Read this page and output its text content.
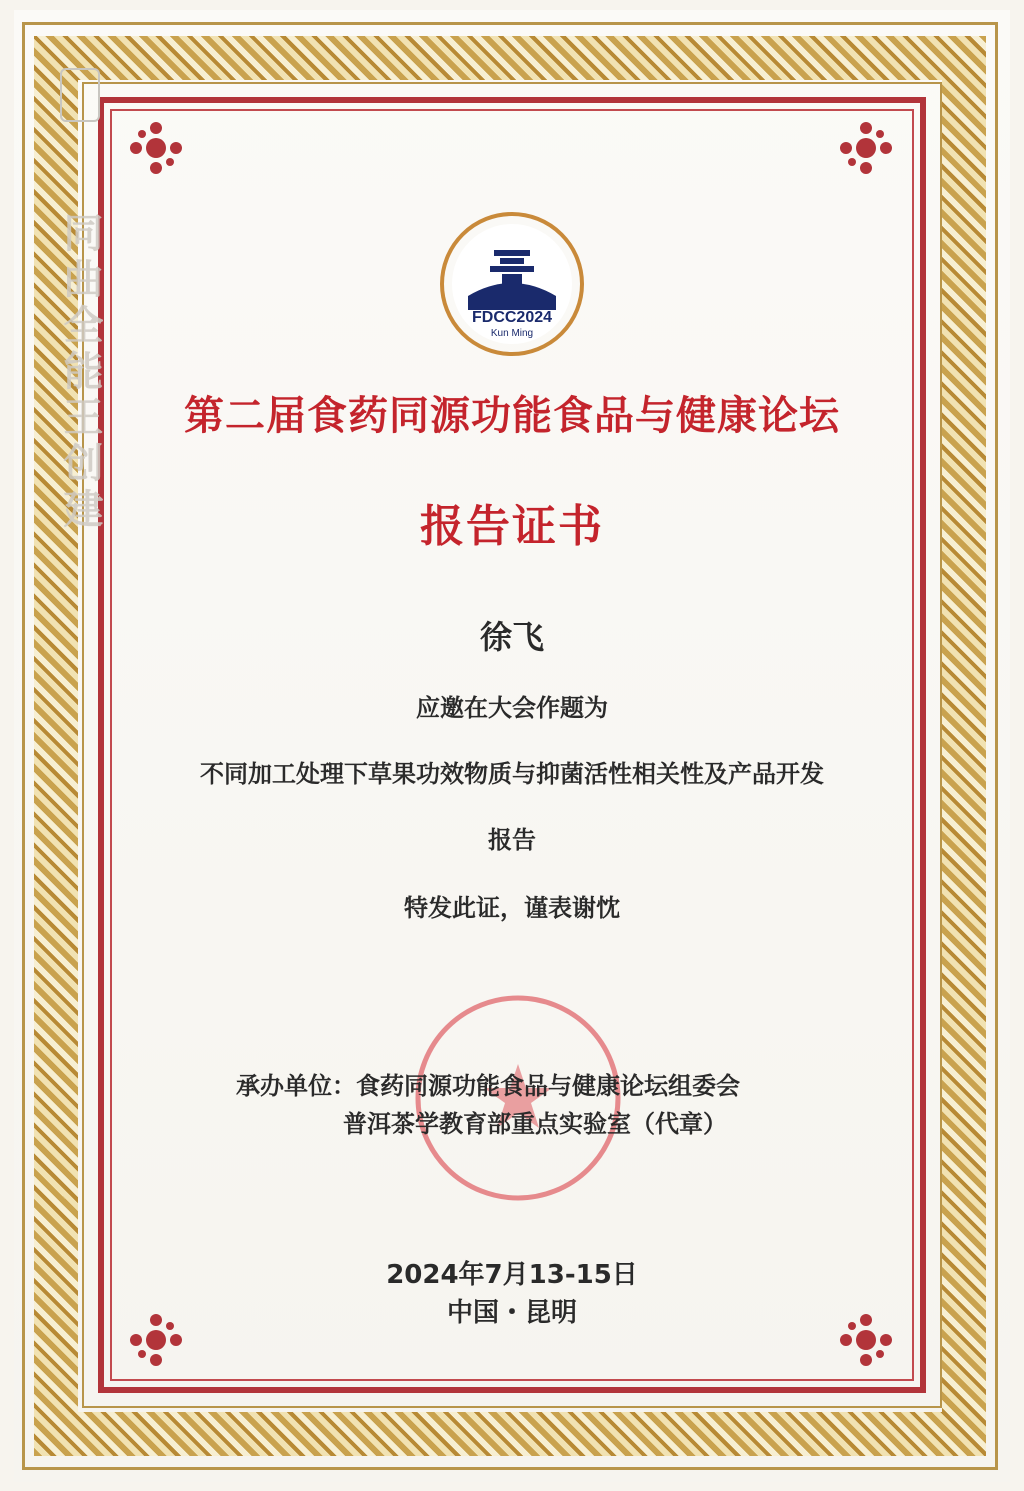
同曲全能王创建	FDCC2024
Kun Ming
第二届食药同源功能食品与健康论坛
报告证书
徐飞
应邀在大会作题为
不同加工处理下草果功效物质与抑菌活性相关性及产品开发
报告
特发此证，谨表谢忱
承办单位：食药同源功能食品与健康论坛组委会
普洱茶学教育部重点实验室（代章）
2024年7月13-15日
中国・昆明
